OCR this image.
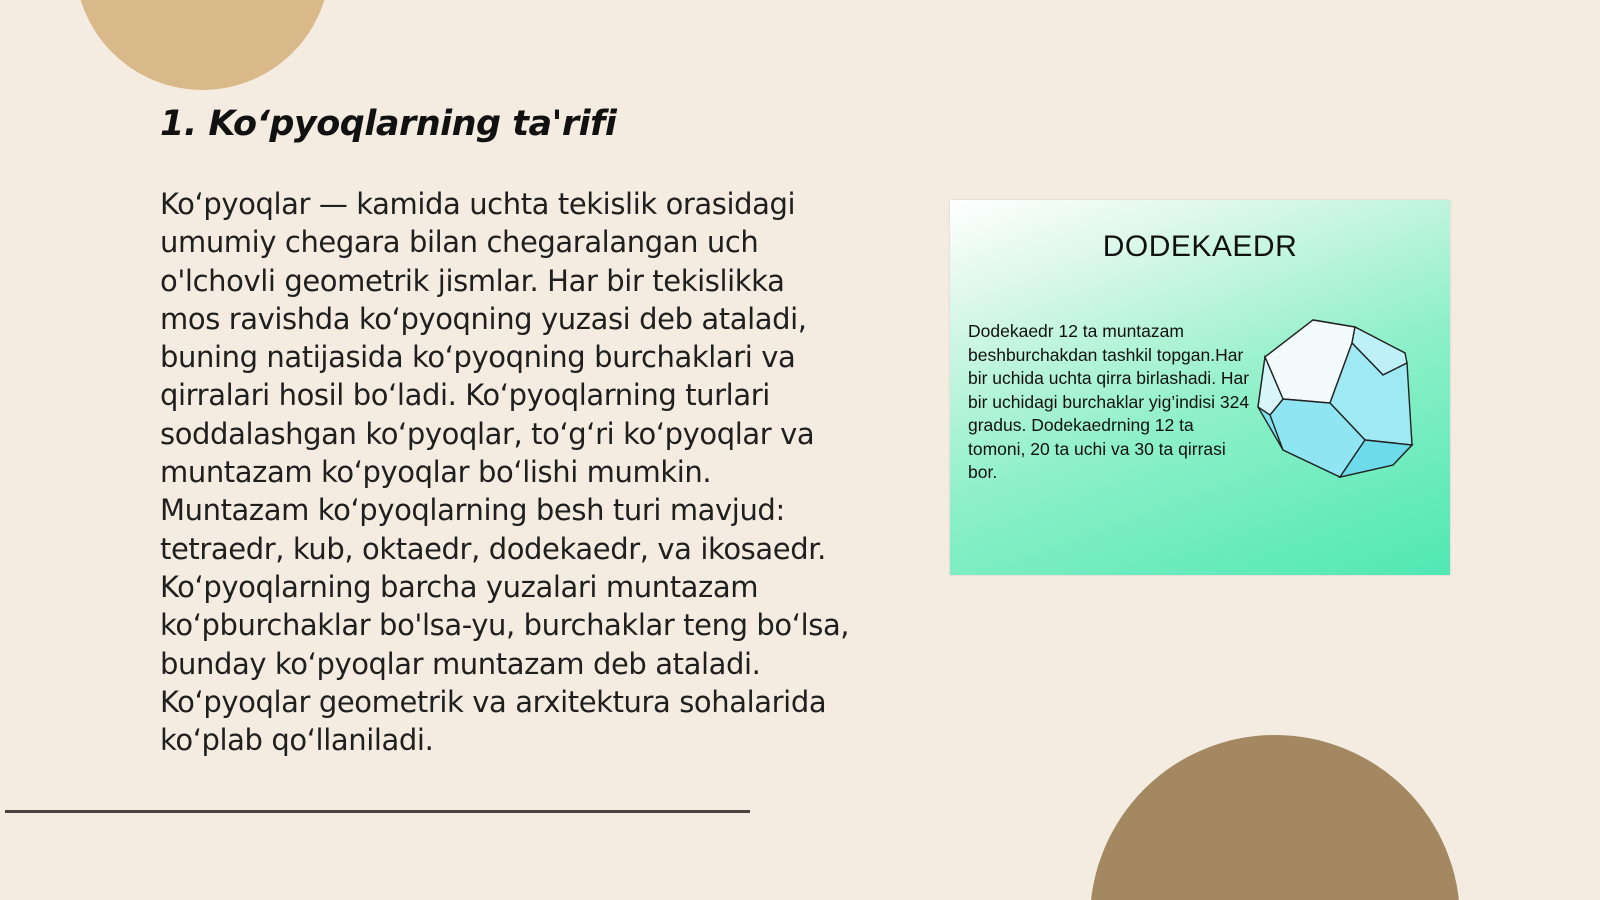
1. Ko‘pyoqlarning ta'rifi

Ko‘pyoqlar — kamida uchta tekislik orasidagi umumiy chegara bilan chegaralangan uch o'lchovli geometrik jismlar. Har bir tekislikka mos ravishda ko‘pyoqning yuzasi deb ataladi, buning natijasida ko‘pyoqning burchaklari va qirralari hosil bo‘ladi. Ko‘pyoqlarning turlari soddalashgan ko‘pyoqlar, to‘g‘ri ko‘pyoqlar va muntazam ko‘pyoqlar bo‘lishi mumkin. Muntazam ko‘pyoqlarning besh turi mavjud: tetraedr, kub, oktaedr, dodekaedr, va ikosaedr. Ko‘pyoqlarning barcha yuzalari muntazam ko‘pburchaklar bo'lsa-yu, burchaklar teng bo‘lsa, bunday ko‘pyoqlar muntazam deb ataladi. Ko‘pyoqlar geometrik va arxitektura sohalarida ko‘plab qo‘llaniladi.

DODEKAEDR
Dodekaedr 12 ta muntazam beshburchakdan tashkil topgan.Har bir uchida uchta qirra birlashadi. Har bir uchidagi burchaklar yig’indisi 324 gradus. Dodekaedrning 12 ta tomoni, 20 ta uchi va 30 ta qirrasi bor.
